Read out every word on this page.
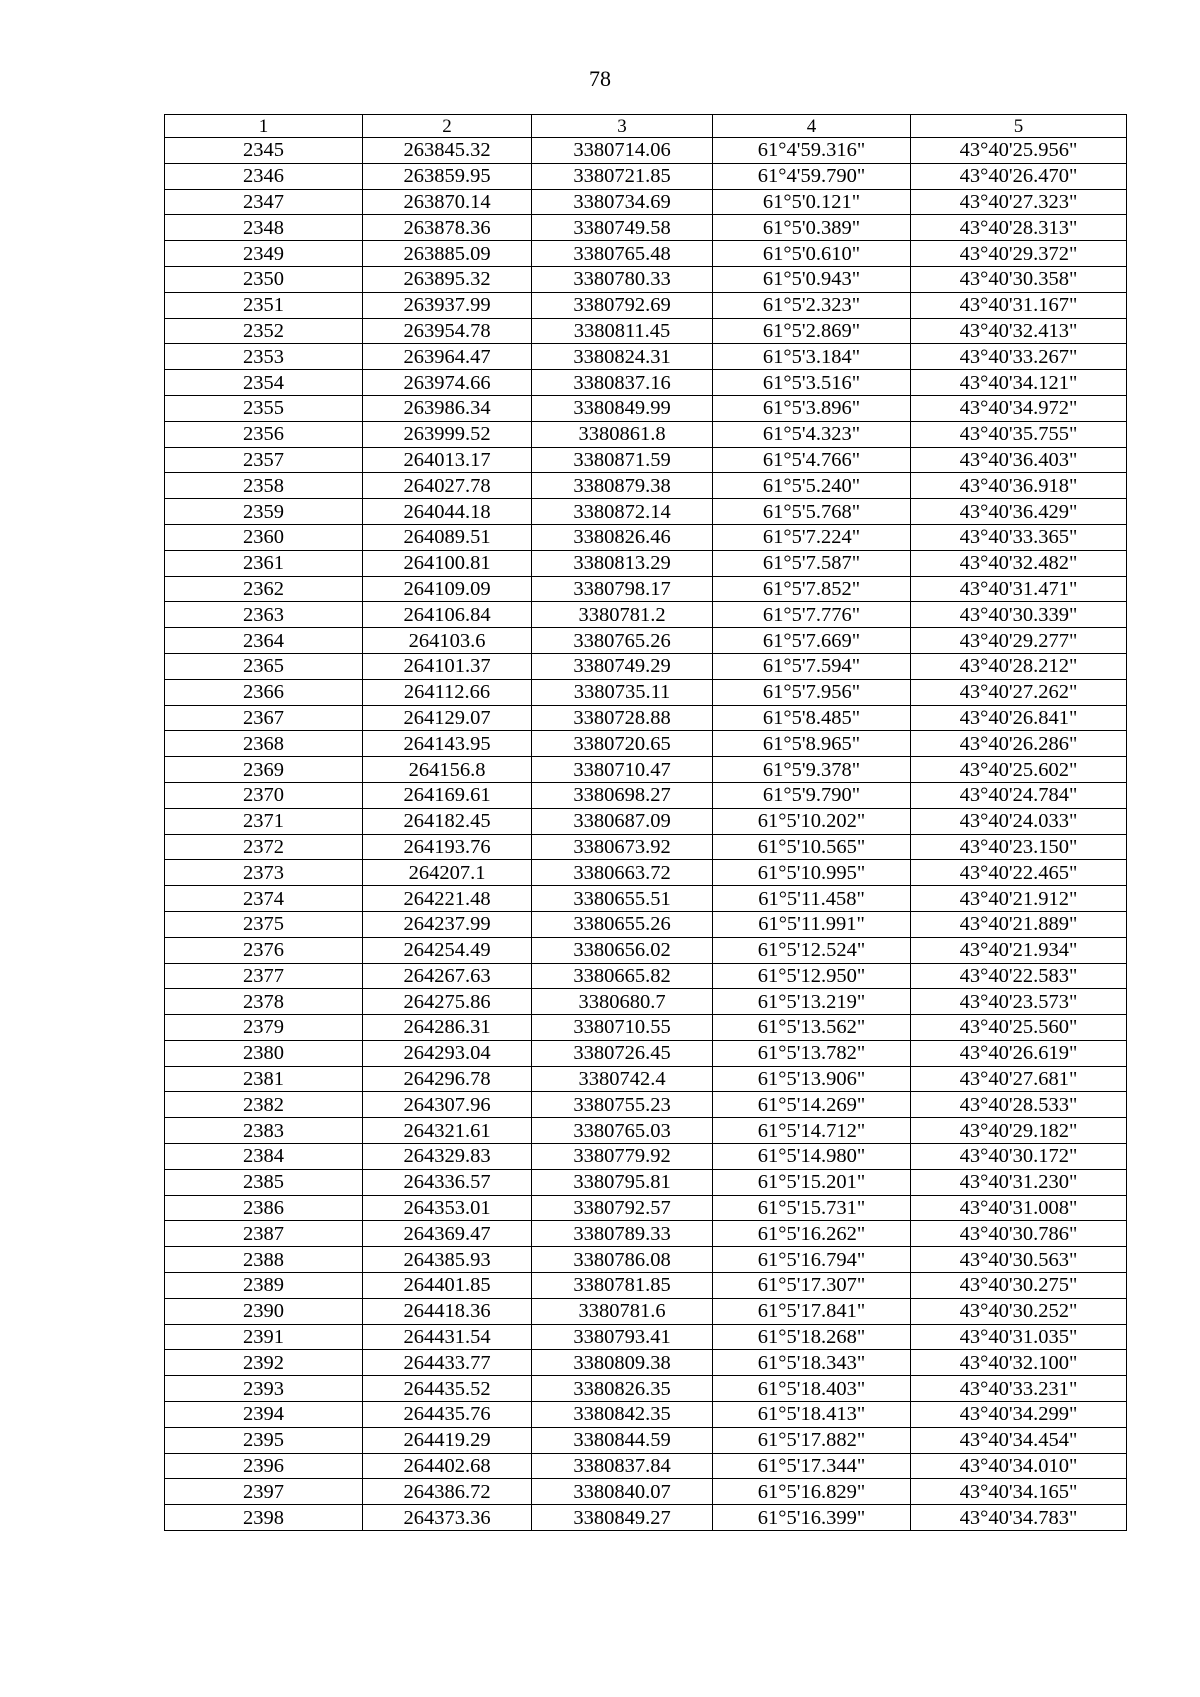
78
1	2	3	4	5
2345	263845.32	3380714.06	61°4'59.316"	43°40'25.956"
2346	263859.95	3380721.85	61°4'59.790"	43°40'26.470"
2347	263870.14	3380734.69	61°5'0.121"	43°40'27.323"
2348	263878.36	3380749.58	61°5'0.389"	43°40'28.313"
2349	263885.09	3380765.48	61°5'0.610"	43°40'29.372"
2350	263895.32	3380780.33	61°5'0.943"	43°40'30.358"
2351	263937.99	3380792.69	61°5'2.323"	43°40'31.167"
2352	263954.78	3380811.45	61°5'2.869"	43°40'32.413"
2353	263964.47	3380824.31	61°5'3.184"	43°40'33.267"
2354	263974.66	3380837.16	61°5'3.516"	43°40'34.121"
2355	263986.34	3380849.99	61°5'3.896"	43°40'34.972"
2356	263999.52	3380861.8	61°5'4.323"	43°40'35.755"
2357	264013.17	3380871.59	61°5'4.766"	43°40'36.403"
2358	264027.78	3380879.38	61°5'5.240"	43°40'36.918"
2359	264044.18	3380872.14	61°5'5.768"	43°40'36.429"
2360	264089.51	3380826.46	61°5'7.224"	43°40'33.365"
2361	264100.81	3380813.29	61°5'7.587"	43°40'32.482"
2362	264109.09	3380798.17	61°5'7.852"	43°40'31.471"
2363	264106.84	3380781.2	61°5'7.776"	43°40'30.339"
2364	264103.6	3380765.26	61°5'7.669"	43°40'29.277"
2365	264101.37	3380749.29	61°5'7.594"	43°40'28.212"
2366	264112.66	3380735.11	61°5'7.956"	43°40'27.262"
2367	264129.07	3380728.88	61°5'8.485"	43°40'26.841"
2368	264143.95	3380720.65	61°5'8.965"	43°40'26.286"
2369	264156.8	3380710.47	61°5'9.378"	43°40'25.602"
2370	264169.61	3380698.27	61°5'9.790"	43°40'24.784"
2371	264182.45	3380687.09	61°5'10.202"	43°40'24.033"
2372	264193.76	3380673.92	61°5'10.565"	43°40'23.150"
2373	264207.1	3380663.72	61°5'10.995"	43°40'22.465"
2374	264221.48	3380655.51	61°5'11.458"	43°40'21.912"
2375	264237.99	3380655.26	61°5'11.991"	43°40'21.889"
2376	264254.49	3380656.02	61°5'12.524"	43°40'21.934"
2377	264267.63	3380665.82	61°5'12.950"	43°40'22.583"
2378	264275.86	3380680.7	61°5'13.219"	43°40'23.573"
2379	264286.31	3380710.55	61°5'13.562"	43°40'25.560"
2380	264293.04	3380726.45	61°5'13.782"	43°40'26.619"
2381	264296.78	3380742.4	61°5'13.906"	43°40'27.681"
2382	264307.96	3380755.23	61°5'14.269"	43°40'28.533"
2383	264321.61	3380765.03	61°5'14.712"	43°40'29.182"
2384	264329.83	3380779.92	61°5'14.980"	43°40'30.172"
2385	264336.57	3380795.81	61°5'15.201"	43°40'31.230"
2386	264353.01	3380792.57	61°5'15.731"	43°40'31.008"
2387	264369.47	3380789.33	61°5'16.262"	43°40'30.786"
2388	264385.93	3380786.08	61°5'16.794"	43°40'30.563"
2389	264401.85	3380781.85	61°5'17.307"	43°40'30.275"
2390	264418.36	3380781.6	61°5'17.841"	43°40'30.252"
2391	264431.54	3380793.41	61°5'18.268"	43°40'31.035"
2392	264433.77	3380809.38	61°5'18.343"	43°40'32.100"
2393	264435.52	3380826.35	61°5'18.403"	43°40'33.231"
2394	264435.76	3380842.35	61°5'18.413"	43°40'34.299"
2395	264419.29	3380844.59	61°5'17.882"	43°40'34.454"
2396	264402.68	3380837.84	61°5'17.344"	43°40'34.010"
2397	264386.72	3380840.07	61°5'16.829"	43°40'34.165"
2398	264373.36	3380849.27	61°5'16.399"	43°40'34.783"
